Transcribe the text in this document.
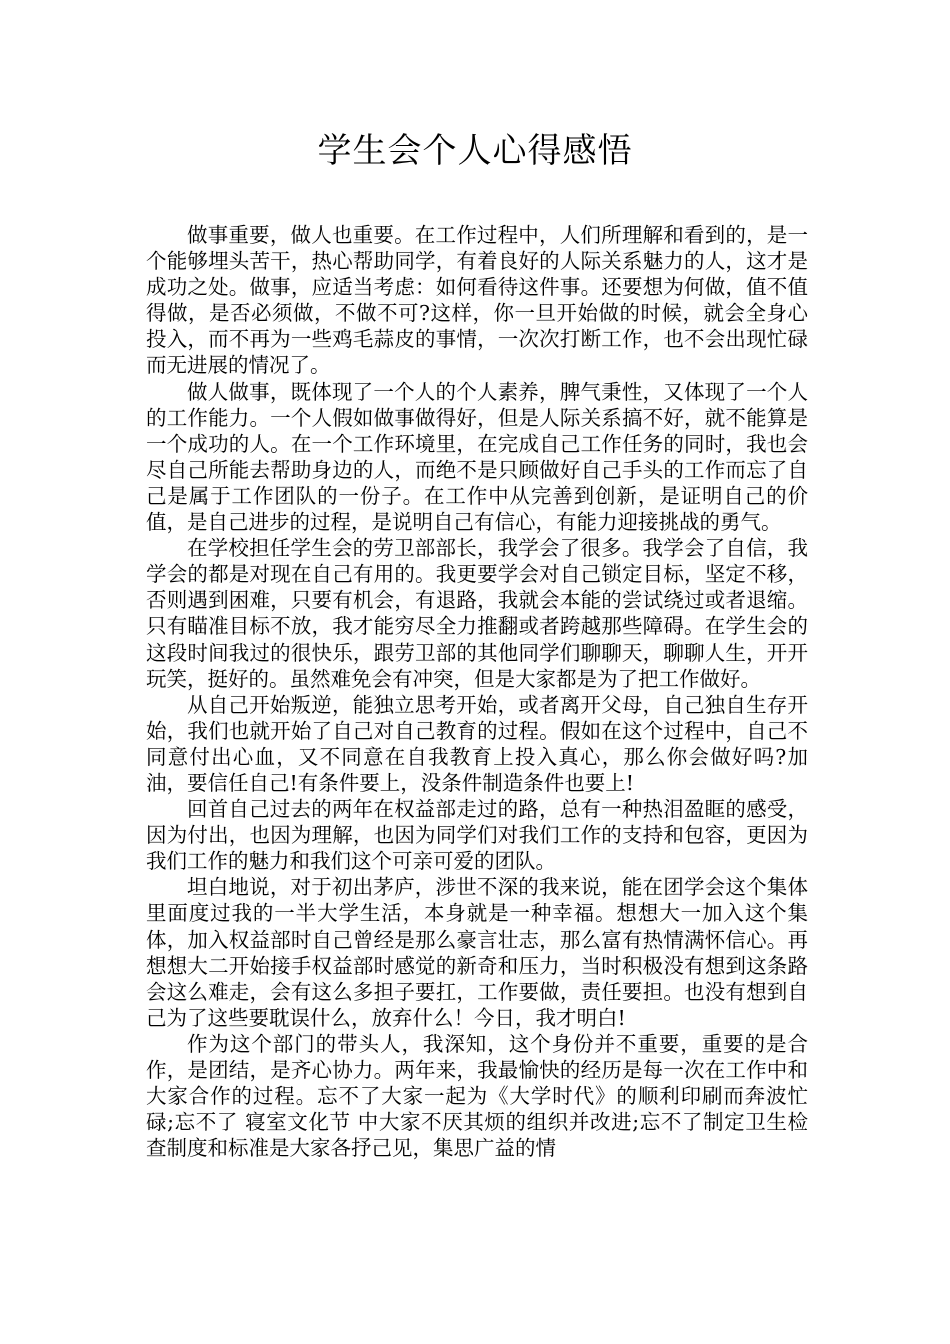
学生会个人心得感悟

做事重要，做人也重要。在工作过程中，人们所理解和看到的，是一个能够埋头苦干，热心帮助同学，有着良好的人际关系魅力的人，这才是成功之处。做事，应适当考虑：如何看待这件事。还要想为何做，值不值得做，是否必须做，不做不可?这样，你一旦开始做的时候，就会全身心投入，而不再为一些鸡毛蒜皮的事情，一次次打断工作，也不会出现忙碌而无进展的情况了。

做人做事，既体现了一个人的个人素养，脾气秉性，又体现了一个人的工作能力。一个人假如做事做得好，但是人际关系搞不好，就不能算是一个成功的人。在一个工作环境里，在完成自己工作任务的同时，我也会尽自己所能去帮助身边的人，而绝不是只顾做好自己手头的工作而忘了自己是属于工作团队的一份子。在工作中从完善到创新，是证明自己的价值，是自己进步的过程，是说明自己有信心，有能力迎接挑战的勇气。

在学校担任学生会的劳卫部部长，我学会了很多。我学会了自信，我学会的都是对现在自己有用的。我更要学会对自己锁定目标，坚定不移，否则遇到困难，只要有机会，有退路，我就会本能的尝试绕过或者退缩。只有瞄准目标不放，我才能穷尽全力推翻或者跨越那些障碍。在学生会的这段时间我过的很快乐，跟劳卫部的其他同学们聊聊天，聊聊人生，开开玩笑，挺好的。虽然难免会有冲突，但是大家都是为了把工作做好。

从自己开始叛逆，能独立思考开始，或者离开父母，自己独自生存开始，我们也就开始了自己对自己教育的过程。假如在这个过程中，自己不同意付出心血，又不同意在自我教育上投入真心，那么你会做好吗?加油，要信任自己!有条件要上，没条件制造条件也要上!

回首自己过去的两年在权益部走过的路，总有一种热泪盈眶的感受，因为付出，也因为理解，也因为同学们对我们工作的支持和包容，更因为我们工作的魅力和我们这个可亲可爱的团队。

坦白地说，对于初出茅庐，涉世不深的我来说，能在团学会这个集体里面度过我的一半大学生活，本身就是一种幸福。想想大一加入这个集体，加入权益部时自己曾经是那么豪言壮志，那么富有热情满怀信心。再想想大二开始接手权益部时感觉的新奇和压力，当时积极没有想到这条路会这么难走，会有这么多担子要扛，工作要做，责任要担。也没有想到自己为了这些要耽误什么，放弃什么！今日，我才明白!

作为这个部门的带头人，我深知，这个身份并不重要，重要的是合作，是团结，是齐心协力。两年来，我最愉快的经历是每一次在工作中和大家合作的过程。忘不了大家一起为《大学时代》的顺利印刷而奔波忙碌;忘不了 寝室文化节 中大家不厌其烦的组织并改进;忘不了制定卫生检查制度和标准是大家各抒己见，集思广益的情
